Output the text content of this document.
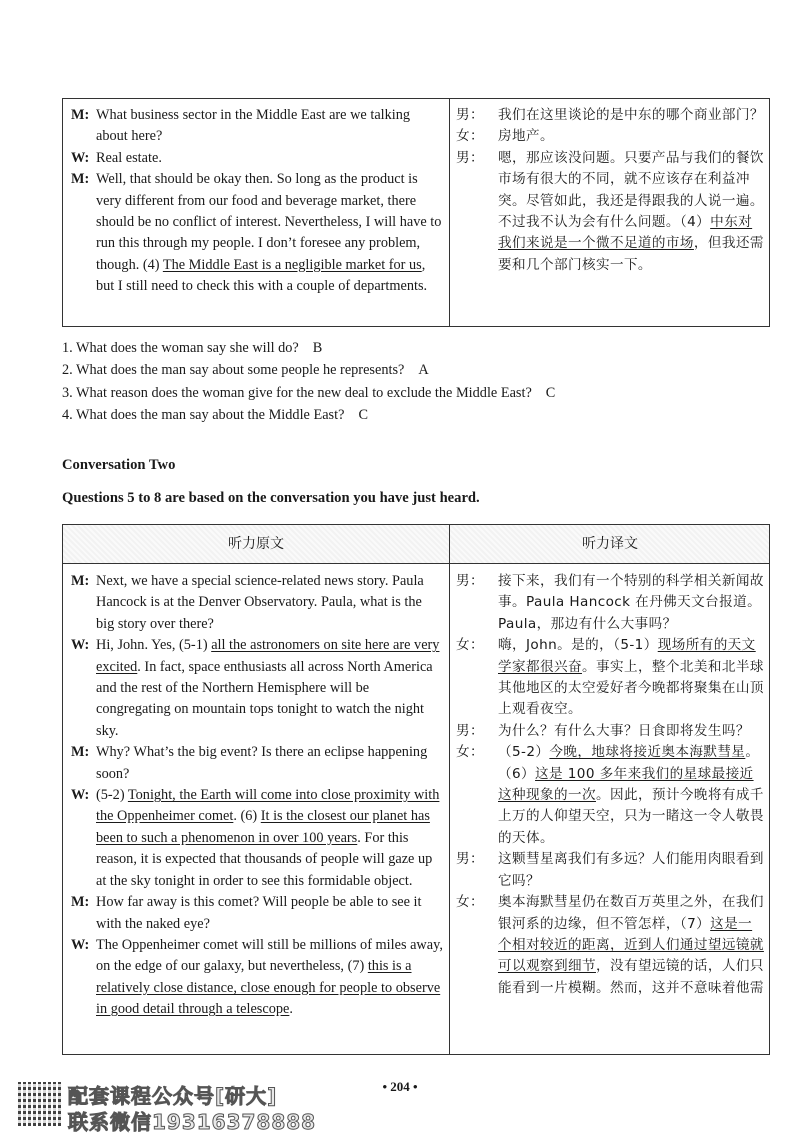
M: What business sector in the Middle East are we talking about here?
W: Real estate.
M: Well, that should be okay then. So long as the product is very different from our food and beverage market, there should be no conflict of interest. Nevertheless, I will have to run this through my people. I don’t foresee any problem, though. (4) The Middle East is a negligible market for us, but I still need to check this with a couple of departments.
男： 我们在这里谈论的是中东的哪个商业部门？
女： 房地产。
男： 嗯，那应该没问题。只要产品与我们的餐饮市场有很大的不同，就不应该存在利益冲突。尽管如此，我还是得跟我的人说一遍。不过我不认为会有什么问题。（4）中东对我们来说是一个微不足道的市场，但我还需要和几个部门核实一下。
1. What does the woman say she will do? B
2. What does the man say about some people he represents? A
3. What reason does the woman give for the new deal to exclude the Middle East? C
4. What does the man say about the Middle East? C
Conversation Two
Questions 5 to 8 are based on the conversation you have just heard.
听力原文	听力译文
M: Next, we have a special science-related news story. Paula Hancock is at the Denver Observatory. Paula, what is the big story over there?
W: Hi, John. Yes, (5-1) all the astronomers on site here are very excited. In fact, space enthusiasts all across North America and the rest of the Northern Hemisphere will be congregating on mountain tops tonight to watch the night sky.
M: Why? What’s the big event? Is there an eclipse happening soon?
W: (5-2) Tonight, the Earth will come into close proximity with the Oppenheimer comet. (6) It is the closest our planet has been to such a phenomenon in over 100 years. For this reason, it is expected that thousands of people will gaze up at the sky tonight in order to see this formidable object.
M: How far away is this comet? Will people be able to see it with the naked eye?
W: The Oppenheimer comet will still be millions of miles away, on the edge of our galaxy, but nevertheless, (7) this is a relatively close distance, close enough for people to observe in good detail through a telescope.
男： 接下来，我们有一个特别的科学相关新闻故事。Paula Hancock 在丹佛天文台报道。Paula，那边有什么大事吗？
女： 嗨，John。是的，（5-1）现场所有的天文学家都很兴奋。事实上，整个北美和北半球其他地区的太空爱好者今晚都将聚集在山顶上观看夜空。
男： 为什么？有什么大事？日食即将发生吗？
女： （5-2）今晚，地球将接近奥本海默彗星。（6）这是 100 多年来我们的星球最接近这种现象的一次。因此，预计今晚将有成千上万的人仰望天空，只为一睹这一令人敬畏的天体。
男： 这颗彗星离我们有多远？人们能用肉眼看到它吗？
女： 奥本海默彗星仍在数百万英里之外，在我们银河系的边缘，但不管怎样，（7）这是一个相对较近的距离，近到人们通过望远镜就可以观察到细节，没有望远镜的话，人们只能看到一片模糊。然而，这并不意味着他需
• 204 •
配套课程公众号[研大]
联系微信19316378888
